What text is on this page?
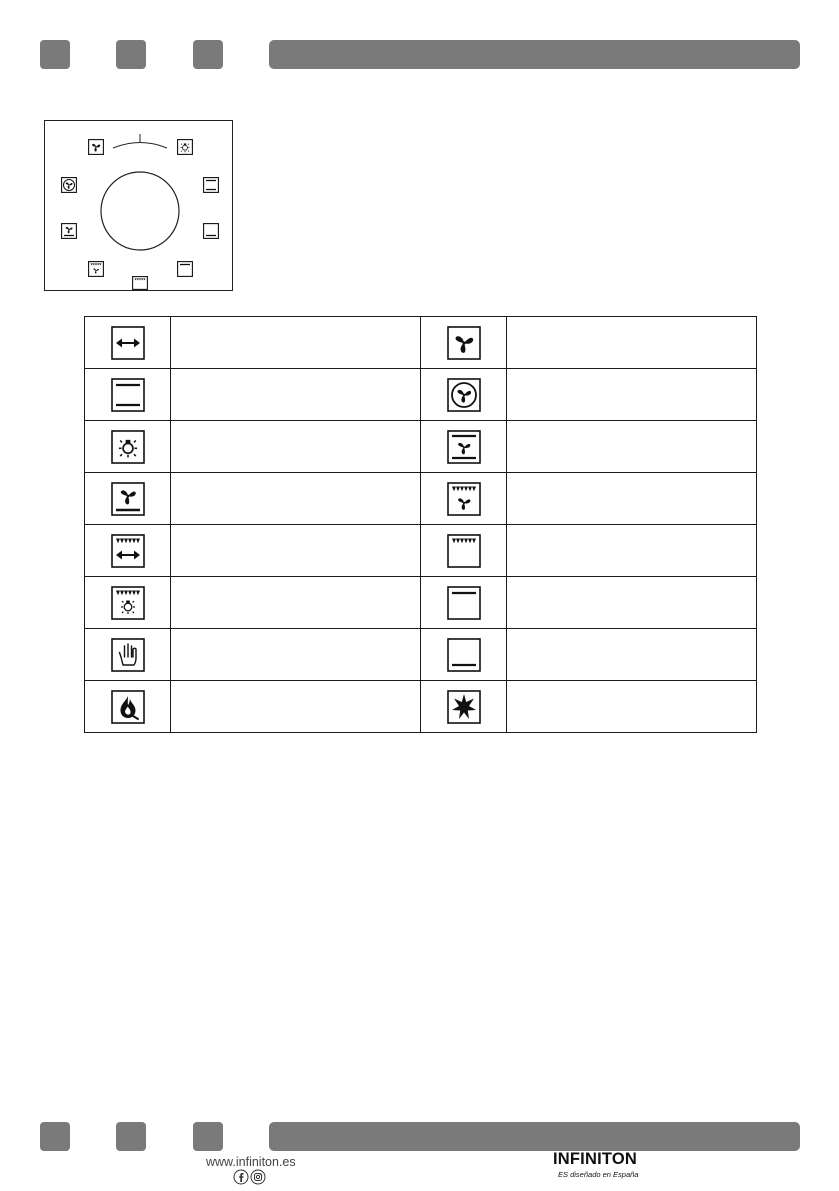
www.infiniton.es	INFINITON
ES diseñado en España
